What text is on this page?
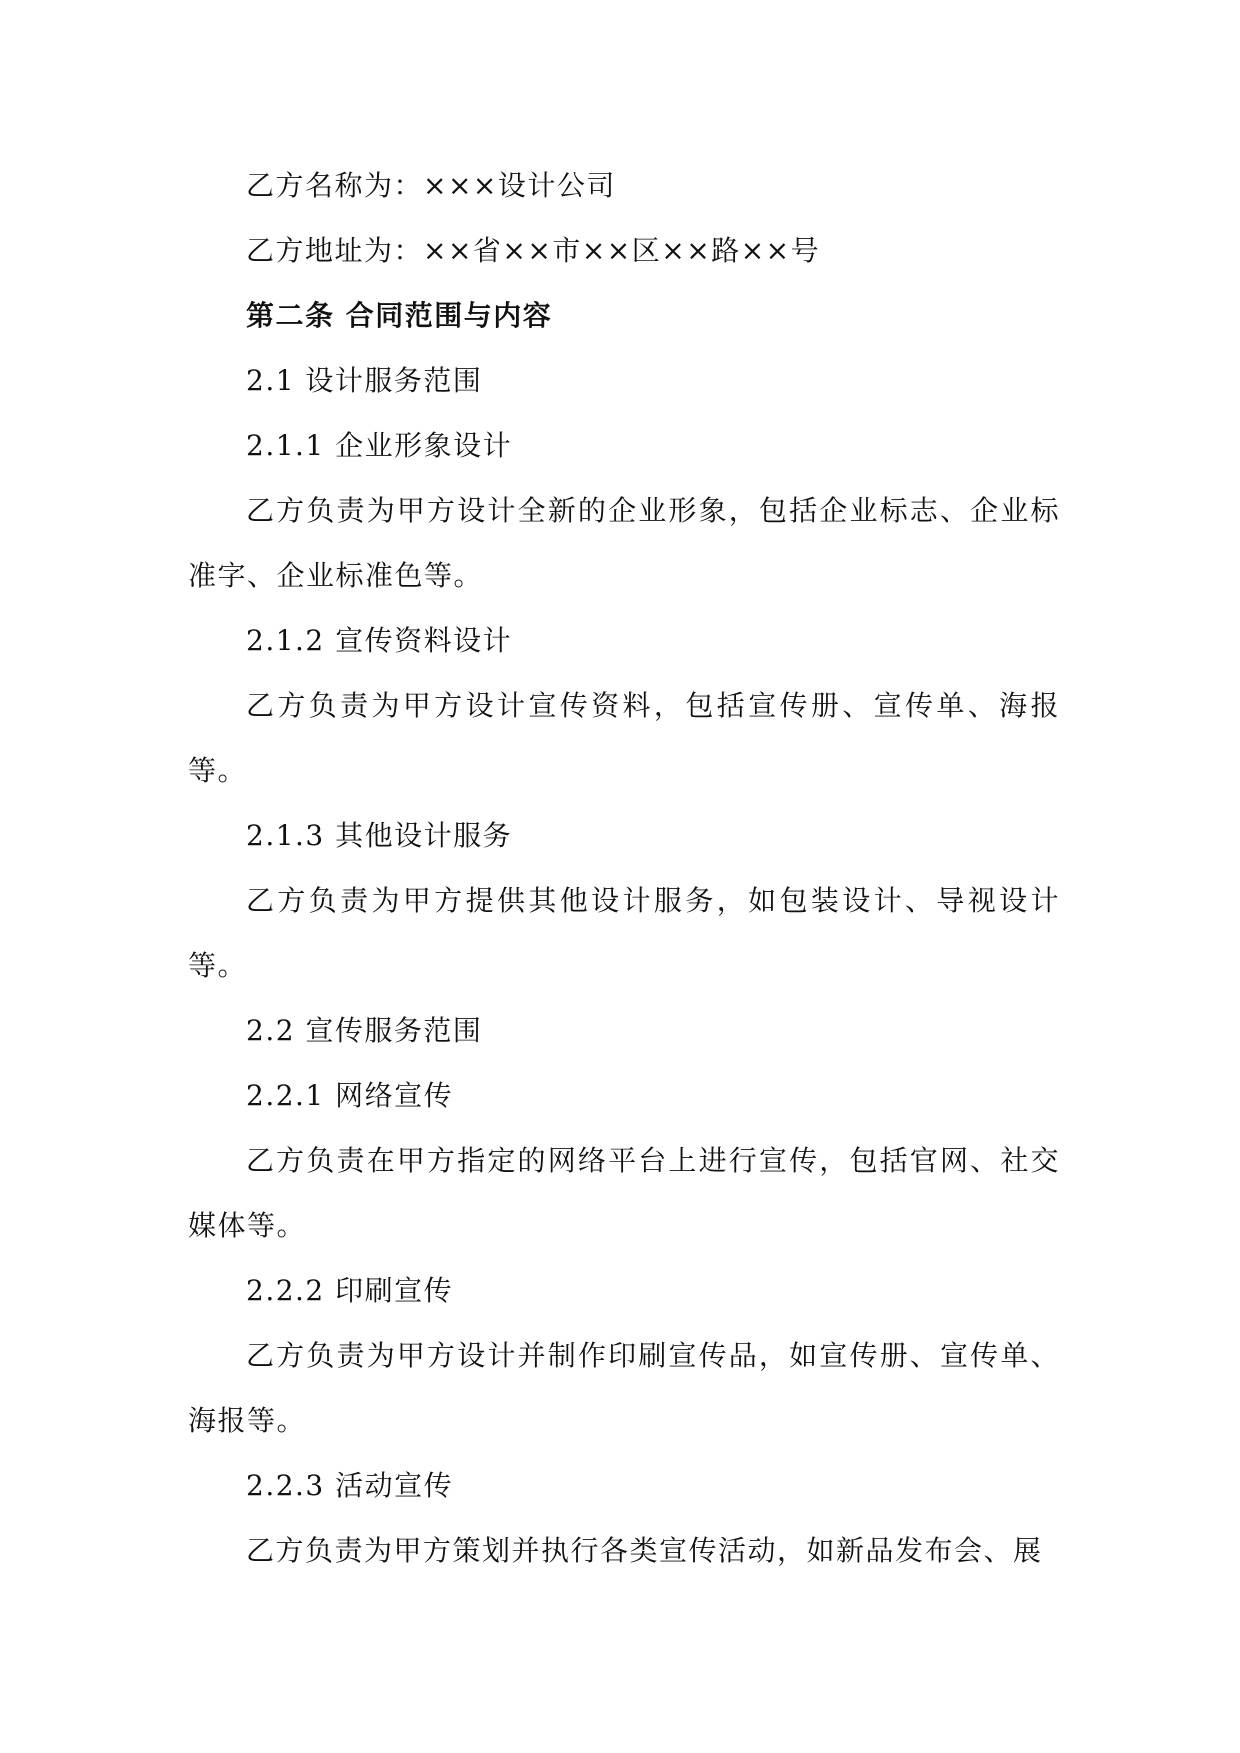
乙方名称为：×××设计公司

乙方地址为：××省××市××区××路××号

第二条 合同范围与内容

2.1 设计服务范围

2.1.1 企业形象设计

乙方负责为甲方设计全新的企业形象，包括企业标志、企业标准字、企业标准色等。

2.1.2 宣传资料设计

乙方负责为甲方设计宣传资料，包括宣传册、宣传单、海报等。

2.1.3 其他设计服务

乙方负责为甲方提供其他设计服务，如包装设计、导视设计等。

2.2 宣传服务范围

2.2.1 网络宣传

乙方负责在甲方指定的网络平台上进行宣传，包括官网、社交媒体等。

2.2.2 印刷宣传

乙方负责为甲方设计并制作印刷宣传品，如宣传册、宣传单、海报等。

2.2.3 活动宣传

乙方负责为甲方策划并执行各类宣传活动，如新品发布会、展
